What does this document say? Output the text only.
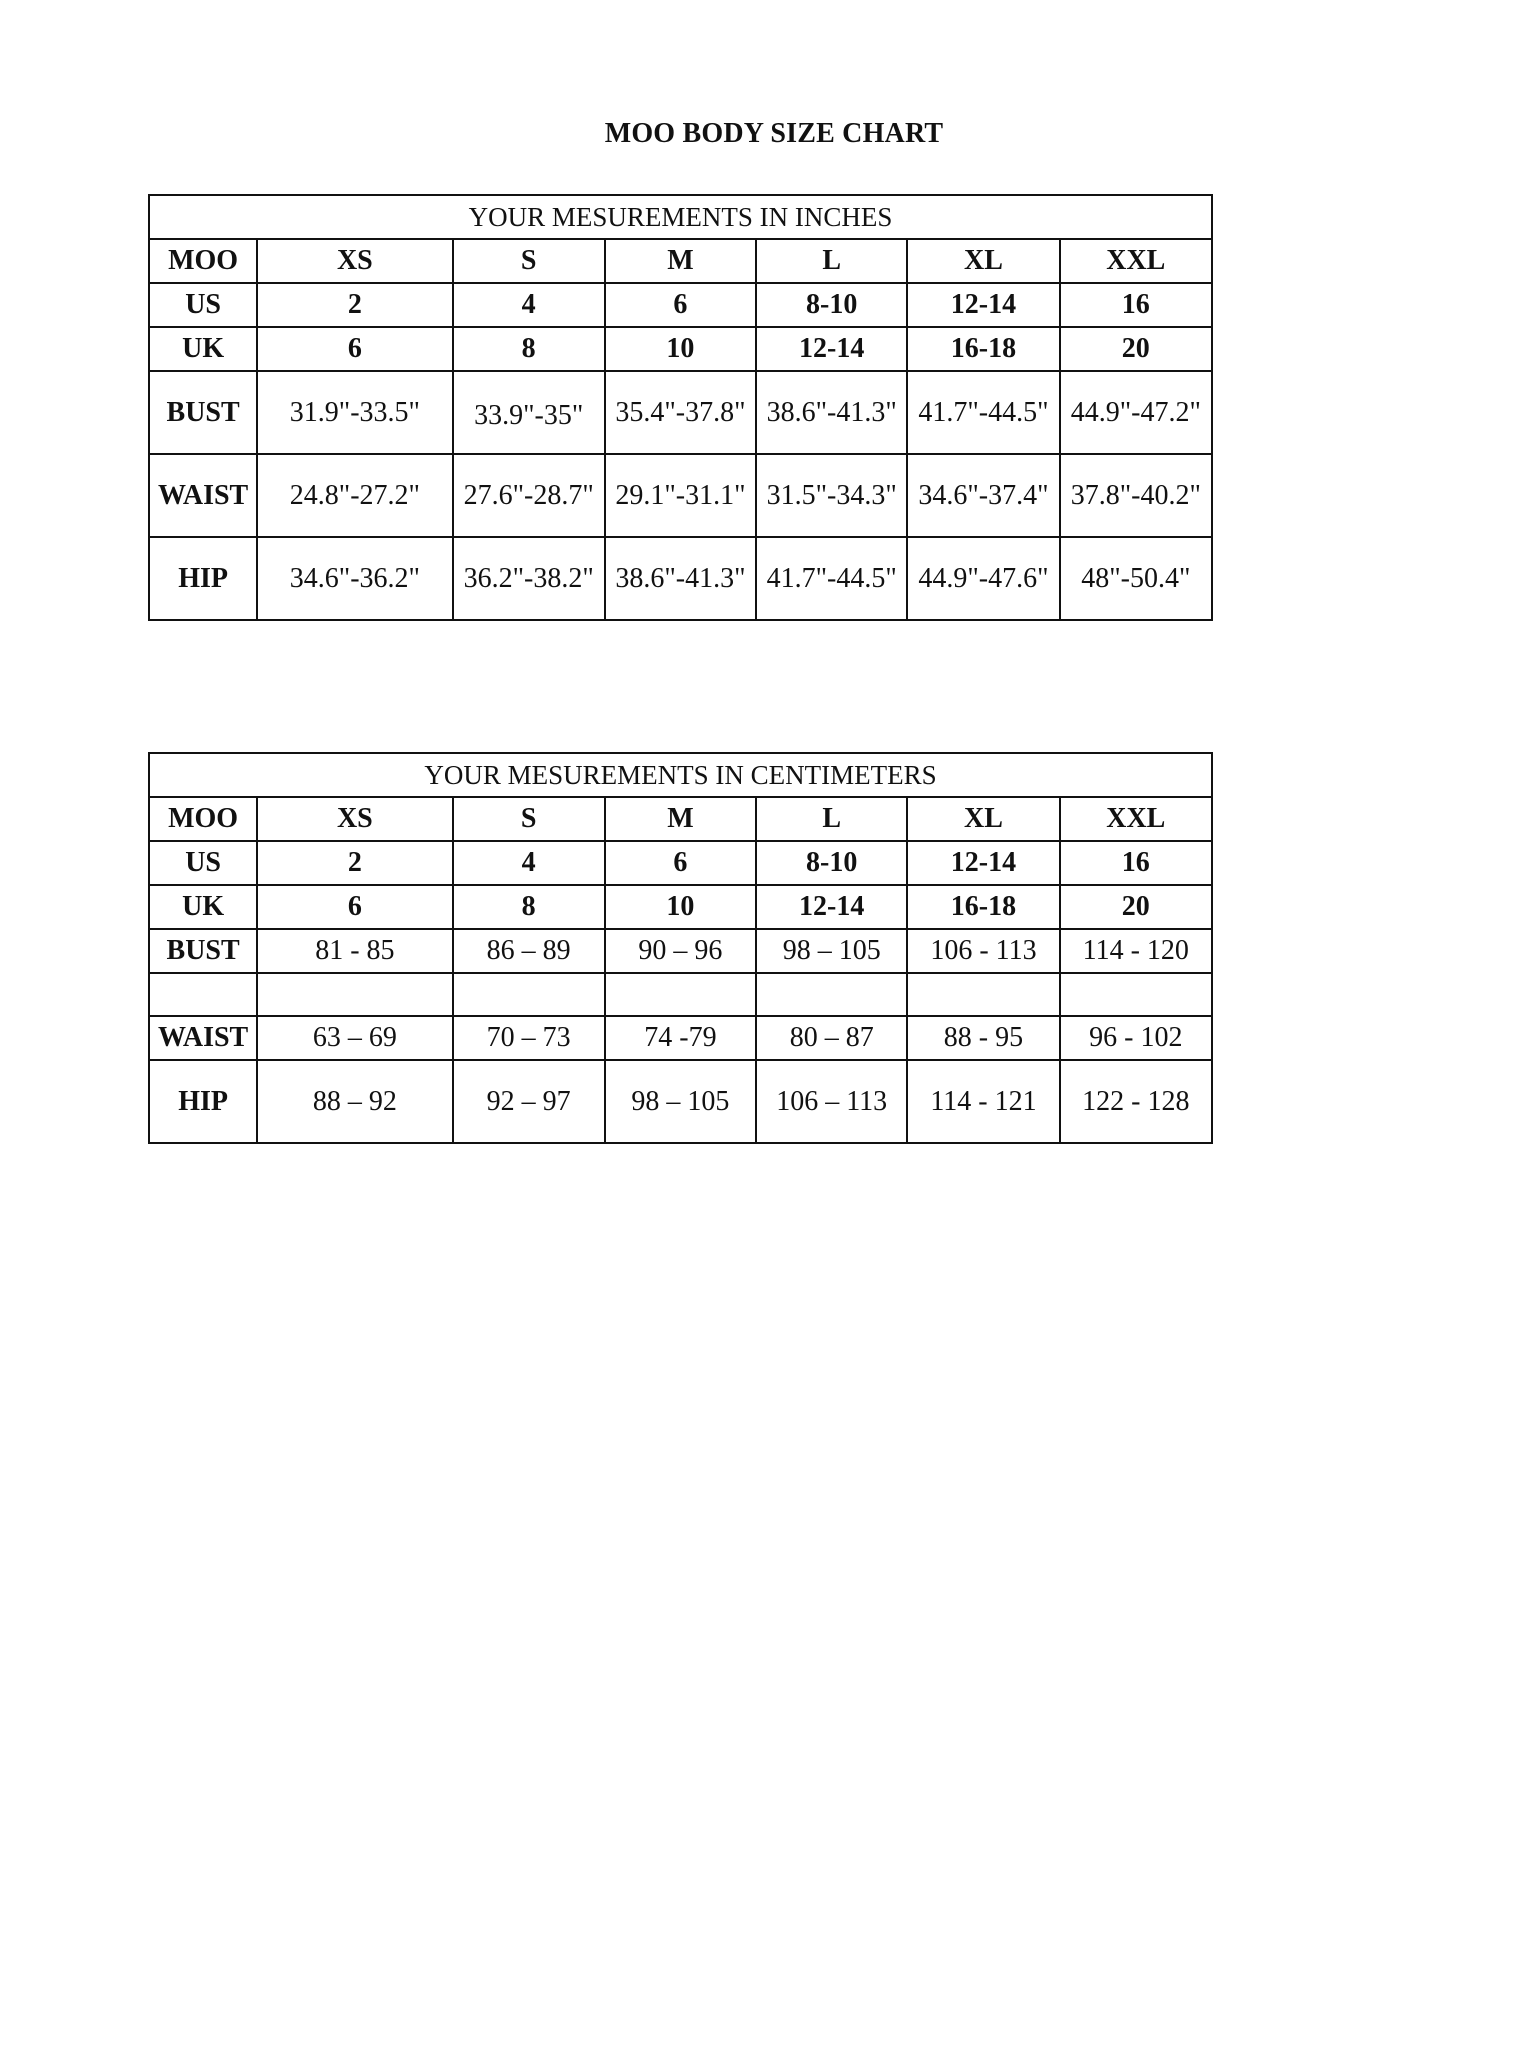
MOO BODY SIZE CHART
YOUR MESUREMENTS IN INCHES						
MOO	XS	S	M	L	XL	XXL
US	2	4	6	8-10	12-14	16
UK	6	8	10	12-14	16-18	20
BUST	31.9"-33.5"	33.9"-35"	35.4"-37.8"	38.6"-41.3"	41.7"-44.5"	44.9"-47.2"
WAIST	24.8"-27.2"	27.6"-28.7"	29.1"-31.1"	31.5"-34.3"	34.6"-37.4"	37.8"-40.2"
HIP	34.6"-36.2"	36.2"-38.2"	38.6"-41.3"	41.7"-44.5"	44.9"-47.6"	48"-50.4"
YOUR MESUREMENTS IN CENTIMETERS						
MOO	XS	S	M	L	XL	XXL
US	2	4	6	8-10	12-14	16
UK	6	8	10	12-14	16-18	20
BUST	81 - 85	86 – 89	90 – 96	98 – 105	106 - 113	114 - 120

WAIST	63 – 69	70 – 73	74 -79	80 – 87	88 - 95	96 - 102
HIP	88 – 92	92 – 97	98 – 105	106 – 113	114 - 121	122 - 128
